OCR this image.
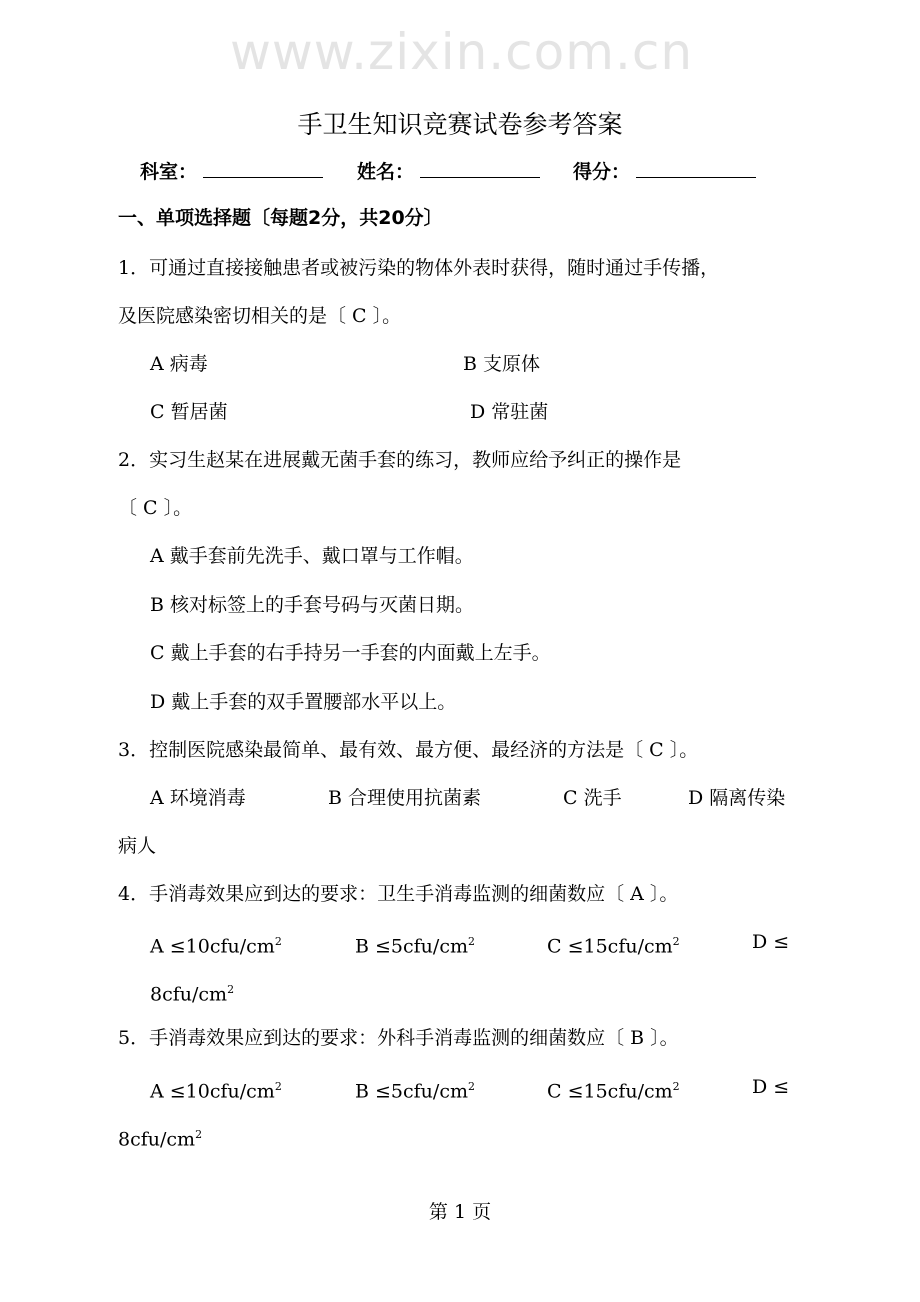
www.zixin.com.cn
手卫生知识竞赛试卷参考答案
科室：	姓名：	得分：
一、单项选择题〔每题2分，共20分〕
1．可通过直接接触患者或被污染的物体外表时获得，随时通过手传播，
及医院感染密切相关的是〔 C 〕。
A 病毒	B 支原体
C 暂居菌	D 常驻菌
2．实习生赵某在进展戴无菌手套的练习，教师应给予纠正的操作是
〔 C 〕。
A 戴手套前先洗手、戴口罩与工作帽。
B 核对标签上的手套号码与灭菌日期。
C 戴上手套的右手持另一手套的内面戴上左手。
D 戴上手套的双手置腰部水平以上。
3．控制医院感染最简单、最有效、最方便、最经济的方法是〔 C 〕。
A 环境消毒	B 合理使用抗菌素	C 洗手	D 隔离传染
病人
4．手消毒效果应到达的要求：卫生手消毒监测的细菌数应〔 A 〕。
$A \le 10cfu/cm^2$	$B \le 5cfu/cm^2$	$C \le 15cfu/cm^2$	D ≤
$8cfu/cm^2$
5．手消毒效果应到达的要求：外科手消毒监测的细菌数应〔 B 〕。
$A \le 10cfu/cm^2$	$B \le 5cfu/cm^2$	$C \le 15cfu/cm^2$	D ≤
$8cfu/cm^2$
第 1 页
